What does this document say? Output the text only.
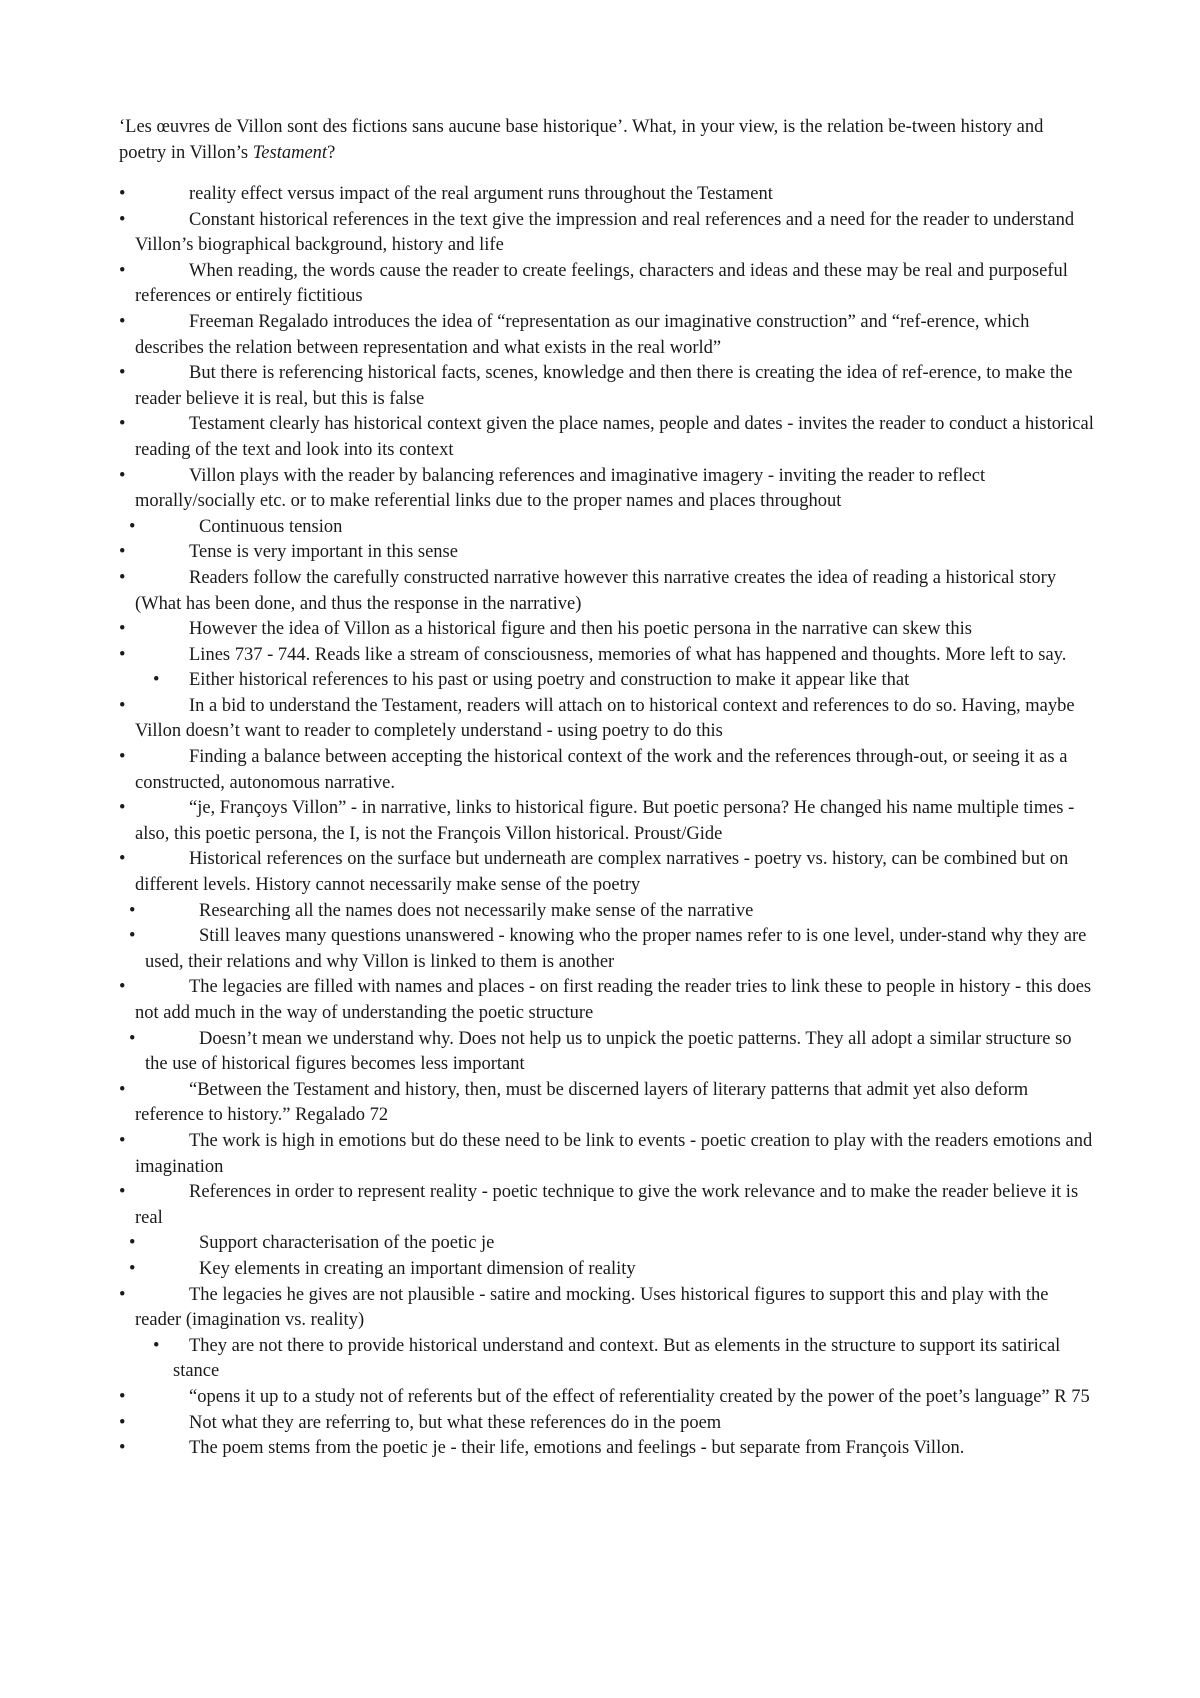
‘Les œuvres de Villon sont des fictions sans aucune base historique’. What, in your view, is the relation be-tween history and poetry in Villon’s Testament?

•	reality effect versus impact of the real argument runs throughout the Testament
•	Constant historical references in the text give the impression and real references and a need for the reader to understand Villon’s biographical background, history and life
•	When reading, the words cause the reader to create feelings, characters and ideas and these may be real and purposeful references or entirely fictitious
•	Freeman Regalado introduces the idea of “representation as our imaginative construction” and “ref-erence, which describes the relation between representation and what exists in the real world”
•	But there is referencing historical facts, scenes, knowledge and then there is creating the idea of ref-erence, to make the reader believe it is real, but this is false
•	Testament clearly has historical context given the place names, people and dates - invites the reader to conduct a historical reading of the text and look into its context
•	Villon plays with the reader by balancing references and imaginative imagery - inviting the reader to reflect morally/socially etc. or to make referential links due to the proper names and places throughout
•	Continuous tension
•	Tense is very important in this sense
•	Readers follow the carefully constructed narrative however this narrative creates the idea of reading a historical story (What has been done, and thus the response in the narrative)
•	However the idea of Villon as a historical figure and then his poetic persona in the narrative can skew this
•	Lines 737 - 744. Reads like a stream of consciousness, memories of what has happened and thoughts. More left to say.
•	Either historical references to his past or using poetry and construction to make it appear like that
•	In a bid to understand the Testament, readers will attach on to historical context and references to do so. Having, maybe Villon doesn’t want to reader to completely understand - using poetry to do this
•	Finding a balance between accepting the historical context of the work and the references through-out, or seeing it as a constructed, autonomous narrative.
•	“je, Françoys Villon” - in narrative, links to historical figure. But poetic persona? He changed his name multiple times - also, this poetic persona, the I, is not the François Villon historical. Proust/Gide
•	Historical references on the surface but underneath are complex narratives - poetry vs. history, can be combined but on different levels. History cannot necessarily make sense of the poetry
•	Researching all the names does not necessarily make sense of the narrative
•	Still leaves many questions unanswered - knowing who the proper names refer to is one level, under-stand why they are used, their relations and why Villon is linked to them is another
•	The legacies are filled with names and places - on first reading the reader tries to link these to people in history - this does not add much in the way of understanding the poetic structure
•	Doesn’t mean we understand why. Does not help us to unpick the poetic patterns. They all adopt a similar structure so the use of historical figures becomes less important
•	“Between the Testament and history, then, must be discerned layers of literary patterns that admit yet also deform reference to history.” Regalado 72
•	The work is high in emotions but do these need to be link to events - poetic creation to play with the readers emotions and imagination
•	References in order to represent reality - poetic technique to give the work relevance and to make the reader believe it is real
•	Support characterisation of the poetic je
•	Key elements in creating an important dimension of reality
•	The legacies he gives are not plausible - satire and mocking. Uses historical figures to support this and play with the reader (imagination vs. reality)
•	They are not there to provide historical understand and context. But as elements in the structure to support its satirical stance
•	“opens it up to a study not of referents but of the effect of referentiality created by the power of the poet’s language” R 75
•	Not what they are referring to, but what these references do in the poem
•	The poem stems from the poetic je - their life, emotions and feelings - but separate from François Villon.
